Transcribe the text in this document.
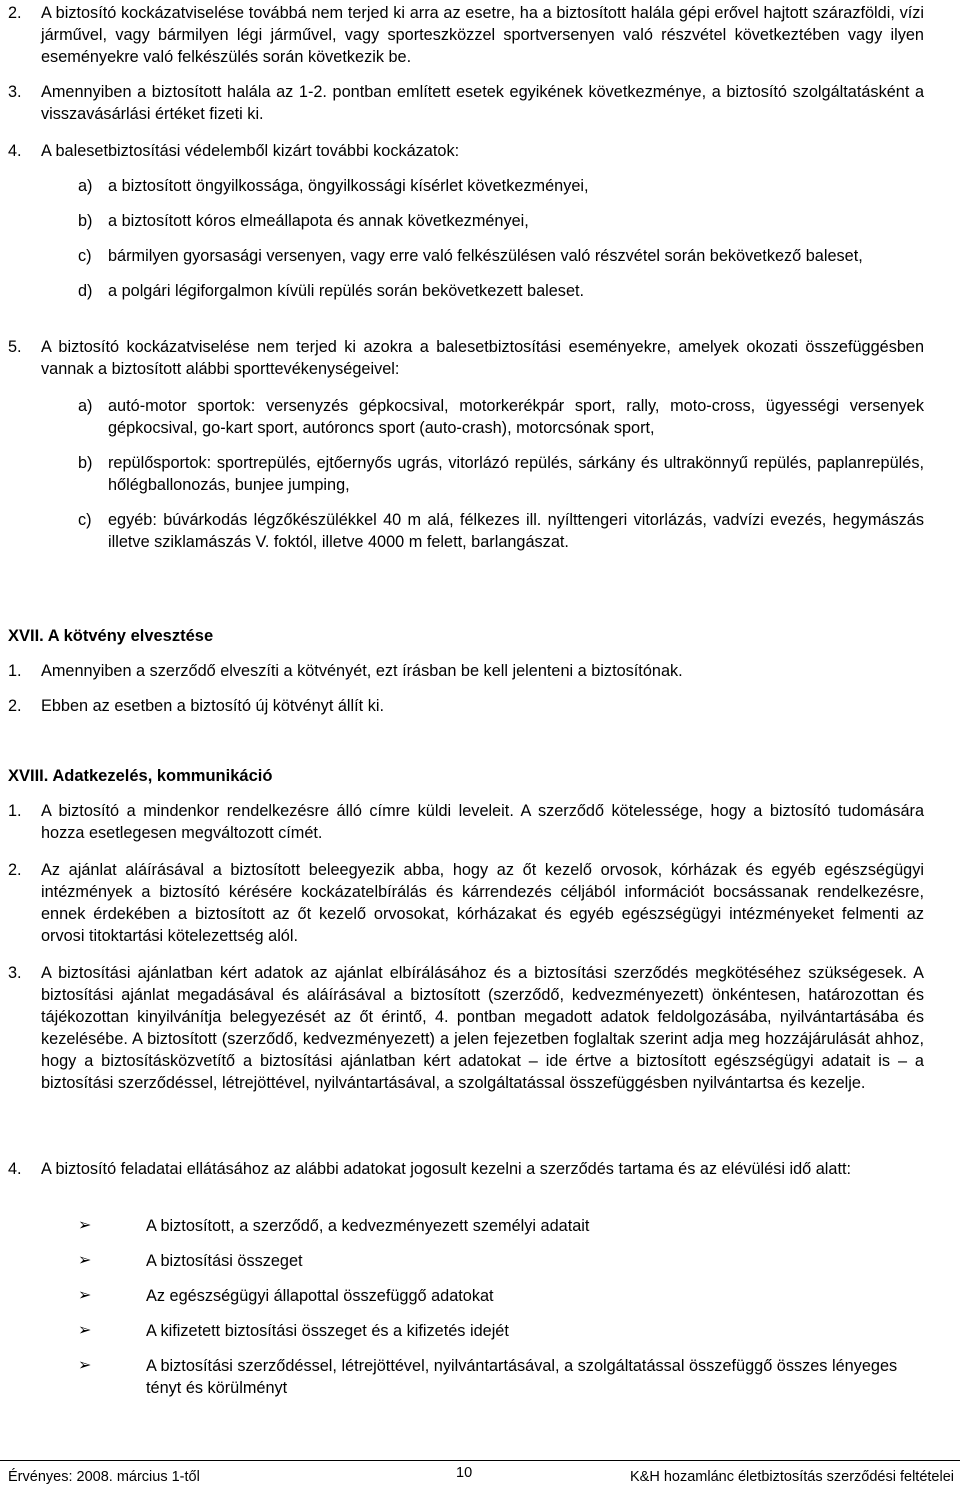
2. A biztosító kockázatviselése továbbá nem terjed ki arra az esetre, ha a biztosított halála gépi erővel hajtott szárazföldi, vízi járművel, vagy bármilyen légi járművel, vagy sporteszközzel sportversenyen való részvétel következtében vagy ilyen eseményekre való felkészülés során következik be.
3. Amennyiben a biztosított halála az 1-2. pontban említett esetek egyikének következménye, a biztosító szolgáltatásként a visszavásárlási értéket fizeti ki.
4. A balesetbiztosítási védelemből kizárt további kockázatok:
a) a biztosított öngyilkossága, öngyilkossági kísérlet következményei,
b) a biztosított kóros elmeállapota és annak következményei,
c) bármilyen gyorsasági versenyen, vagy erre való felkészülésen való részvétel során bekövetkező baleset,
d) a polgári légiforgalmon kívüli repülés során bekövetkezett baleset.
5. A biztosító kockázatviselése nem terjed ki azokra a balesetbiztosítási eseményekre, amelyek okozati összefüggésben vannak a biztosított alábbi sporttevékenységeivel:
a) autó-motor sportok: versenyzés gépkocsival, motorkerékpár sport, rally, moto-cross, ügyességi versenyek gépkocsival, go-kart sport, autóroncs sport (auto-crash), motorcsónak sport,
b) repülősportok: sportrepülés, ejtőernyős ugrás, vitorlázó repülés, sárkány és ultrakönnyű repülés, paplanrepülés, hőlégballonozás, bunjee jumping,
c) egyéb: búvárkodás légzőkészülékkel 40 m alá, félkezes ill. nyílttengeri vitorlázás, vadvízi evezés, hegymászás illetve sziklamászás V. foktól, illetve 4000 m felett, barlangászat.
XVII. A kötvény elvesztése
1. Amennyiben a szerződő elveszíti a kötvényét, ezt írásban be kell jelenteni a biztosítónak.
2. Ebben az esetben a biztosító új kötvényt állít ki.
XVIII. Adatkezelés, kommunikáció
1. A biztosító a mindenkor rendelkezésre álló címre küldi leveleit. A szerződő kötelessége, hogy a biztosító tudomására hozza esetlegesen megváltozott címét.
2. Az ajánlat aláírásával a biztosított beleegyezik abba, hogy az őt kezelő orvosok, kórházak és egyéb egészségügyi intézmények a biztosító kérésére kockázatelbírálás és kárrendezés céljából információt bocsássanak rendelkezésre, ennek érdekében a biztosított az őt kezelő orvosokat, kórházakat és egyéb egészségügyi intézményeket felmenti az orvosi titoktartási kötelezettség alól.
3. A biztosítási ajánlatban kért adatok az ajánlat elbírálásához és a biztosítási szerződés megkötéséhez szükségesek. A biztosítási ajánlat megadásával és aláírásával a biztosított (szerződő, kedvezményezett) önkéntesen, határozottan és tájékozottan kinyilvánítja belegyezését az őt érintő, 4. pontban megadott adatok feldolgozásába, nyilvántartásába és kezelésébe. A biztosított (szerződő, kedvezményezett) a jelen fejezetben foglaltak szerint adja meg hozzájárulását ahhoz, hogy a biztosításközvetítő a biztosítási ajánlatban kért adatokat – ide értve a biztosított egészségügyi adatait is – a biztosítási szerződéssel, létrejöttével, nyilvántartásával, a szolgáltatással összefüggésben nyilvántartsa és kezelje.
4. A biztosító feladatai ellátásához az alábbi adatokat jogosult kezelni a szerződés tartama és az elévülési idő alatt:
➢	A biztosított, a szerződő, a kedvezményezett személyi adatait
➢	A biztosítási összeget
➢	Az egészségügyi állapottal összefüggő adatokat
➢	A kifizetett biztosítási összeget és a kifizetés idejét
➢	A biztosítási szerződéssel, létrejöttével, nyilvántartásával, a szolgáltatással összefüggő összes lényeges tényt és körülményt
Érvényes: 2008. március 1-től	10	K&H hozamlánc életbiztosítás szerződési feltételei
